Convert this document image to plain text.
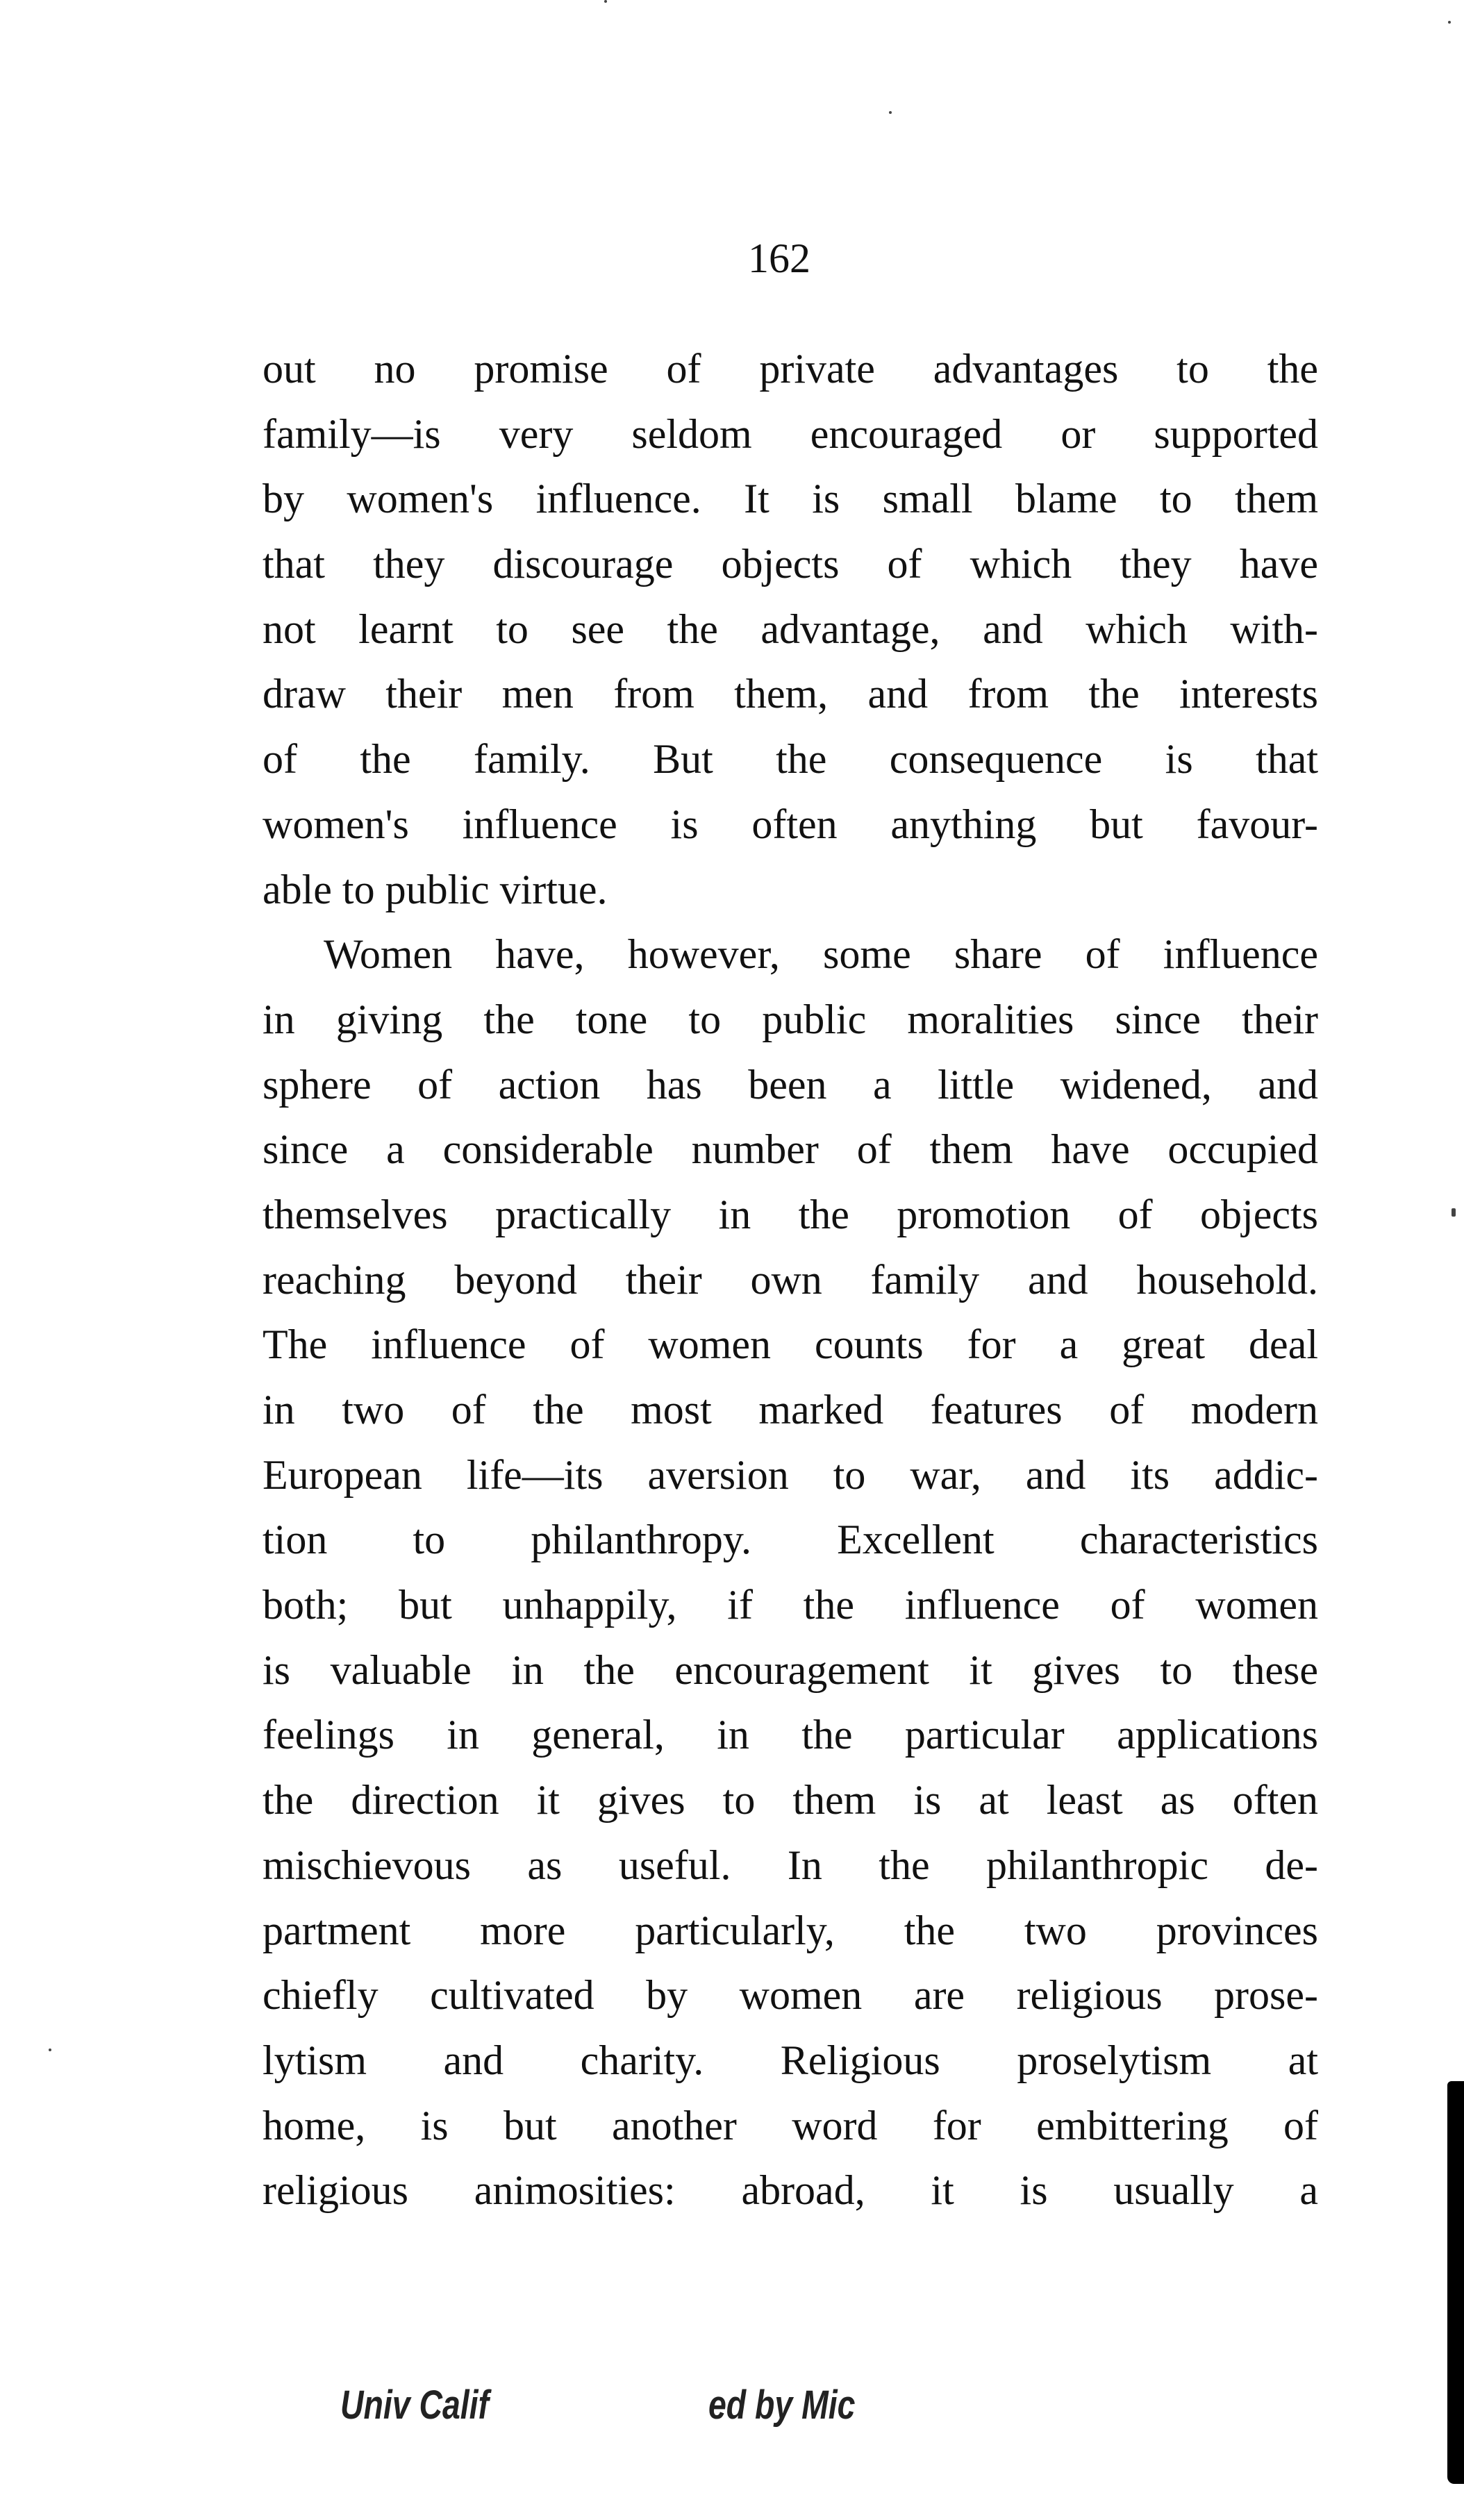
162
out no promise of private advantages to the
family—is very seldom encouraged or supported
by women's influence. It is small blame to them
that they discourage objects of which they have
not learnt to see the advantage, and which with-
draw their men from them, and from the interests
of the family. But the consequence is that
women's influence is often anything but favour-
able to public virtue.
Women have, however, some share of influence
in giving the tone to public moralities since their
sphere of action has been a little widened, and
since a considerable number of them have occupied
themselves practically in the promotion of objects
reaching beyond their own family and household.
The influence of women counts for a great deal
in two of the most marked features of modern
European life—its aversion to war, and its addic-
tion to philanthropy. Excellent characteristics
both; but unhappily, if the influence of women
is valuable in the encouragement it gives to these
feelings in general, in the particular applications
the direction it gives to them is at least as often
mischievous as useful. In the philanthropic de-
partment more particularly, the two provinces
chiefly cultivated by women are religious prose-
lytism and charity. Religious proselytism at
home, is but another word for embittering of
religious animosities: abroad, it is usually a
Univ Calif	ed by Mic
